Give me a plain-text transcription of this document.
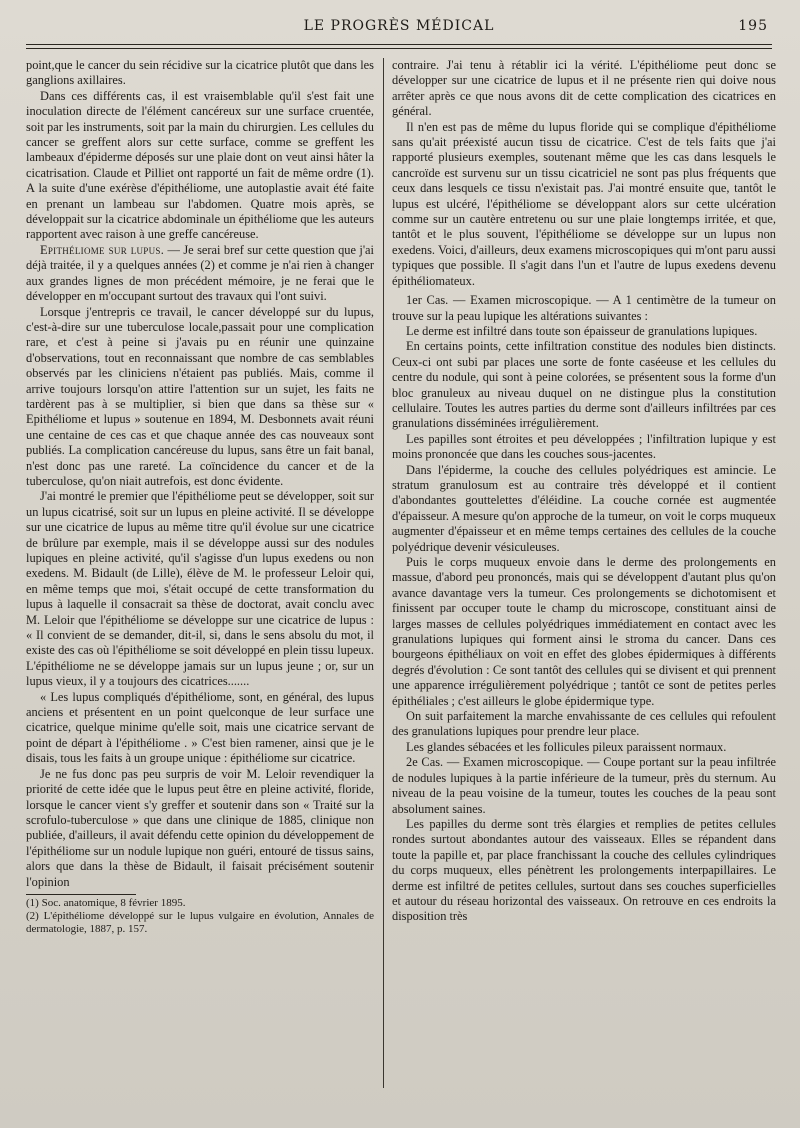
LE PROGRÈS MÉDICAL	195

point,que le cancer du sein récidive sur la cicatrice plutôt que dans les ganglions axillaires.

Dans ces différents cas, il est vraisemblable qu'il s'est fait une inoculation directe de l'élément cancéreux sur une surface cruentée, soit par les instruments, soit par la main du chirurgien. Les cellules du cancer se greffent alors sur cette surface, comme se greffent les lambeaux d'épiderme déposés sur une plaie dont on veut ainsi hâter la cicatrisation. Claude et Pilliet ont rapporté un fait de même ordre (1). A la suite d'une exérèse d'épithéliome, une autoplastie avait été faite en prenant un lambeau sur l'abdomen. Quatre mois après, se développait sur la cicatrice abdominale un épithéliome que les auteurs rapportent avec raison à une greffe cancéreuse.

Epithéliome sur lupus. — Je serai bref sur cette question que j'ai déjà traitée, il y a quelques années (2) et comme je n'ai rien à changer aux grandes lignes de mon précédent mémoire, je ne ferai que le développer en m'occupant surtout des travaux qui l'ont suivi.

Lorsque j'entrepris ce travail, le cancer développé sur du lupus, c'est-à-dire sur une tuberculose locale,passait pour une complication rare, et c'est à peine si j'avais pu en réunir une quinzaine d'observations, tout en reconnaissant que nombre de cas semblables observés par les cliniciens n'étaient pas publiés. Mais, comme il arrive toujours lorsqu'on attire l'attention sur un sujet, les faits ne tardèrent pas à se multiplier, si bien que dans sa thèse sur « Epithéliome et lupus » soutenue en 1894, M. Desbonnets avait réuni une centaine de ces cas et que chaque année des cas nouveaux sont publiés. La complication cancéreuse du lupus, sans être un fait banal, n'est donc pas une rareté. La coïncidence du cancer et de la tuberculose, qu'on niait autrefois, est donc évidente.

J'ai montré le premier que l'épithéliome peut se développer, soit sur un lupus cicatrisé, soit sur un lupus en pleine activité. Il se développe sur une cicatrice de lupus au même titre qu'il évolue sur une cicatrice de brûlure par exemple, mais il se développe aussi sur des nodules lupiques en pleine activité, qu'il s'agisse d'un lupus exedens ou non exedens. M. Bidault (de Lille), élève de M. le professeur Leloir qui, en même temps que moi, s'était occupé de cette transformation du lupus à laquelle il consacrait sa thèse de doctorat, avait conclu avec M. Leloir que l'épithéliome se développe sur une cicatrice de lupus : « Il convient de se demander, dit-il, si, dans le sens absolu du mot, il existe des cas où l'épithéliome se soit développé en plein tissu lupeux. L'épithéliome ne se développe jamais sur un lupus jeune ; or, sur un lupus vieux, il y a toujours des cicatrices.......

« Les lupus compliqués d'épithéliome, sont, en général, des lupus anciens et présentent en un point quelconque de leur surface une cicatrice, quelque minime qu'elle soit, mais une cicatrice servant de point de départ à l'épithéliome . » C'est bien ramener, ainsi que je le disais, tous les faits à un groupe unique : épithéliome sur cicatrice.

Je ne fus donc pas peu surpris de voir M. Leloir revendiquer la priorité de cette idée que le lupus peut être en pleine activité, floride, lorsque le cancer vient s'y greffer et soutenir dans son « Traité sur la scrofulo-tuberculose » que dans une clinique de 1885, clinique non publiée, d'ailleurs, il avait défendu cette opinion du développement de l'épithéliome sur un nodule lupique non guéri, entouré de tissus sains, alors que dans la thèse de Bidault, il faisait précisément soutenir l'opinion

(1) Soc. anatomique, 8 février 1895.

(2) L'épithéliome développé sur le lupus vulgaire en évolution, Annales de dermatologie, 1887, p. 157.

contraire. J'ai tenu à rétablir ici la vérité. L'épithéliome peut donc se développer sur une cicatrice de lupus et il ne présente rien qui doive nous arrêter après ce que nous avons dit de cette complication des cicatrices en général.

Il n'en est pas de même du lupus floride qui se complique d'épithéliome sans qu'ait préexisté aucun tissu de cicatrice. C'est de tels faits que j'ai rapporté plusieurs exemples, soutenant même que les cas dans lesquels le cancroïde est survenu sur un tissu cicatriciel ne sont pas plus fréquents que ceux dans lesquels ce tissu n'existait pas. J'ai montré ensuite que, tantôt le lupus est ulcéré, l'épithéliome se développant alors sur cette ulcération comme sur un cautère entretenu ou sur une plaie longtemps irritée, et que, tantôt et le plus souvent, l'épithéliome se développe sur un lupus non exedens. Voici, d'ailleurs, deux examens microscopiques qui m'ont paru aussi typiques que possible. Il s'agit dans l'un et l'autre de lupus exedens devenu épithéliomateux.

1er Cas. — Examen microscopique. — A 1 centimètre de la tumeur on trouve sur la peau lupique les altérations suivantes :

Le derme est infiltré dans toute son épaisseur de granulations lupiques.

En certains points, cette infiltration constitue des nodules bien distincts. Ceux-ci ont subi par places une sorte de fonte caséeuse et les cellules du centre du nodule, qui sont à peine colorées, se présentent sous la forme d'un bloc granuleux au niveau duquel on ne distingue plus la constitution cellulaire. Toutes les autres parties du derme sont d'ailleurs infiltrées par ces granulations disséminées irrégulièrement.

Les papilles sont étroites et peu développées ; l'infiltration lupique y est moins prononcée que dans les couches sous-jacentes.

Dans l'épiderme, la couche des cellules polyédriques est amincie. Le stratum granulosum est au contraire très développé et il contient d'abondantes gouttelettes d'éléidine. La couche cornée est augmentée d'épaisseur. A mesure qu'on approche de la tumeur, on voit le corps muqueux augmenter d'épaisseur et en même temps certaines des cellules de la couche polyédrique devenir vésiculeuses.

Puis le corps muqueux envoie dans le derme des prolongements en massue, d'abord peu prononcés, mais qui se développent d'autant plus qu'on avance davantage vers la tumeur. Ces prolongements se dichotomisent et finissent par occuper toute le champ du microscope, constituant ainsi de larges masses de cellules polyédriques immédiatement en contact avec les granulations lupiques qui forment ainsi le stroma du cancer. Dans ces bourgeons épithéliaux on voit en effet des globes épidermiques à différents degrés d'évolution : Ce sont tantôt des cellules qui se divisent et qui prennent une apparence irrégulièrement polyédrique ; tantôt ce sont de petites perles épithéliales ; c'est ailleurs le globe épidermique type.

On suit parfaitement la marche envahissante de ces cellules qui refoulent des granulations lupiques pour prendre leur place.

Les glandes sébacées et les follicules pileux paraissent normaux.

2e Cas. — Examen microscopique. — Coupe portant sur la peau infiltrée de nodules lupiques à la partie inférieure de la tumeur, près du sternum. Au niveau de la peau voisine de la tumeur, toutes les couches de la peau sont absolument saines.

Les papilles du derme sont très élargies et remplies de petites cellules rondes surtout abondantes autour des vaisseaux. Elles se répandent dans toute la papille et, par place franchissant la couche des cellules cylindriques du corps muqueux, elles pénètrent les prolongements interpapillaires. Le derme est infiltré de petites cellules, surtout dans ses couches superficielles et autour du réseau horizontal des vaisseaux. On retrouve en ces endroits la disposition très
